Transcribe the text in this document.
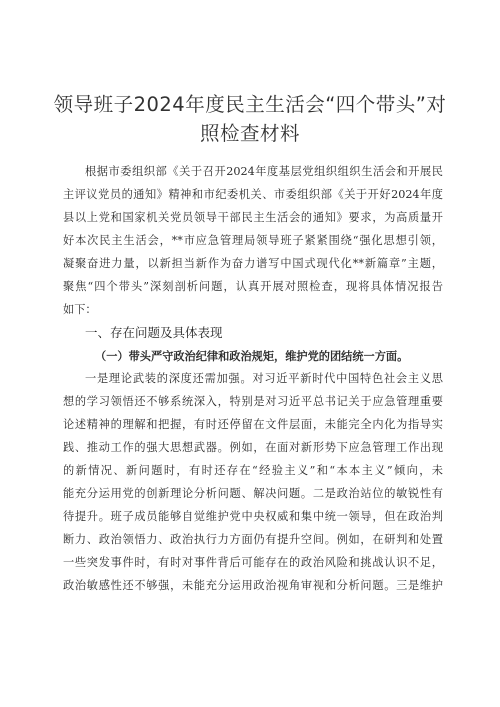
领导班子2024年度民主生活会“四个带头”对
照检查材料
根据市委组织部《关于召开2024年度基层党组织组织生活会和开展民
主评议党员的通知》精神和市纪委机关、市委组织部《关于开好2024年度
县以上党和国家机关党员领导干部民主生活会的通知》要求，为高质量开
好本次民主生活会，**市应急管理局领导班子紧紧围绕“强化思想引领，
凝聚奋进力量，以新担当新作为奋力谱写中国式现代化**新篇章”主题，
聚焦“四个带头”深刻剖析问题，认真开展对照检查，现将具体情况报告
如下：
一、存在问题及具体表现
（一）带头严守政治纪律和政治规矩，维护党的团结统一方面。
一是理论武装的深度还需加强。对习近平新时代中国特色社会主义思
想的学习领悟还不够系统深入，特别是对习近平总书记关于应急管理重要
论述精神的理解和把握，有时还停留在文件层面，未能完全内化为指导实
践、推动工作的强大思想武器。例如，在面对新形势下应急管理工作出现
的新情况、新问题时，有时还存在“经验主义”和“本本主义”倾向，未
能充分运用党的创新理论分析问题、解决问题。二是政治站位的敏锐性有
待提升。班子成员能够自觉维护党中央权威和集中统一领导，但在政治判
断力、政治领悟力、政治执行力方面仍有提升空间。例如，在研判和处置
一些突发事件时，有时对事件背后可能存在的政治风险和挑战认识不足，
政治敏感性还不够强，未能充分运用政治视角审视和分析问题。三是维护
